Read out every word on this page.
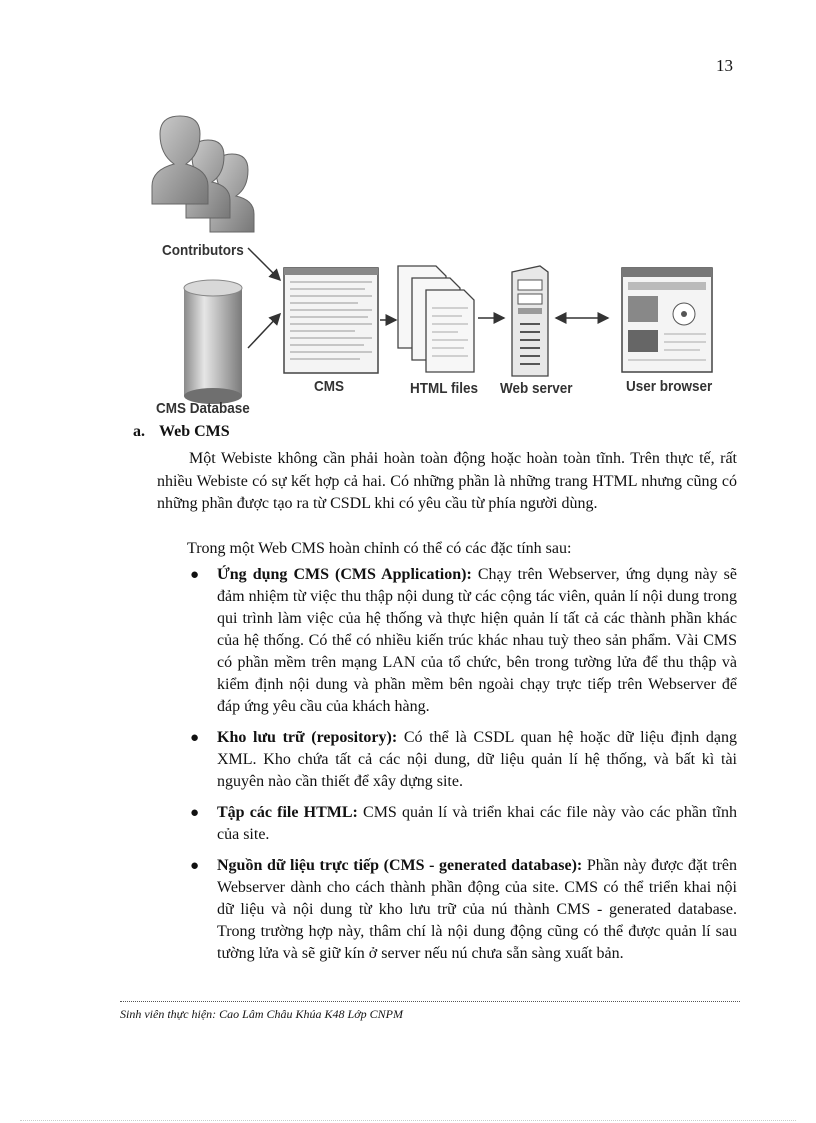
13
Contributors
CMS Database
CMS	HTML files Web server	User browser
a. Web CMS

Một Webiste không cần phải hoàn toàn động hoặc hoàn toàn tĩnh. Trên thực tế, rất nhiều Webiste có sự kết hợp cả hai. Có những phần là những trang HTML nhưng cũng có những phần được tạo ra từ CSDL khi có yêu cầu từ phía người dùng.

Trong một Web CMS hoàn chỉnh có thể có các đặc tính sau:

● Ứng dụng CMS (CMS Application): Chạy trên Webserver, ứng dụng này sẽ đảm nhiệm từ việc thu thập nội dung từ các cộng tác viên, quản lí nội dung trong qui trình làm việc của hệ thống và thực hiện quản lí tất cả các thành phần khác của hệ thống. Có thể có nhiều kiến trúc khác nhau tuỳ theo sản phẩm. Vài CMS có phần mềm trên mạng LAN của tổ chức, bên trong tường lửa để thu thập và kiểm định nội dung và phần mềm bên ngoài chạy trực tiếp trên Webserver để đáp ứng yêu cầu của khách hàng.
● Kho lưu trữ (repository): Có thể là CSDL quan hệ hoặc dữ liệu định dạng XML. Kho chứa tất cả các nội dung, dữ liệu quản lí hệ thống, và bất kì tài nguyên nào cần thiết để xây dựng site.
● Tập các file HTML: CMS quản lí và triển khai các file này vào các phần tĩnh của site.
● Nguồn dữ liệu trực tiếp (CMS - generated database): Phần này được đặt trên Webserver dành cho cách thành phần động của site. CMS có thể triển khai nội dữ liệu và nội dung từ kho lưu trữ của nú thành CMS - generated database. Trong trường hợp này, thâm chí là nội dung động cũng có thể được quản lí sau tường lửa và sẽ giữ kín ở server nếu nú chưa sẵn sàng xuất bản.
Sinh viên thực hiện: Cao Lâm Châu Khúa K48 Lớp CNPM
